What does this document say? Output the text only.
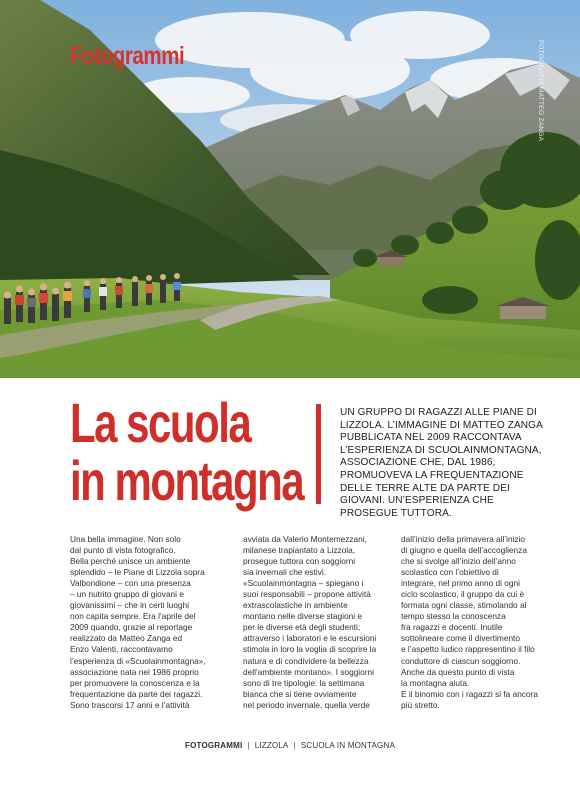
Fotogrammi	FOTOGRAFIA MATTEO ZANGA
La scuola
in montagna

UN GRUPPO DI RAGAZZI ALLE PIANE DI LIZZOLA. L’IMMAGINE DI MATTEO ZANGA PUBBLICATA NEL 2009 RACCONTAVA L’ESPERIENZA DI SCUOLAINMONTAGNA, ASSOCIAZIONE CHE, DAL 1986, PROMUOVEVA LA FREQUENTAZIONE DELLE TERRE ALTE DA PARTE DEI GIOVANI. UN’ESPERIENZA CHE PROSEGUE TUTTORA.

Una bella immagine. Non solo
dal punto di vista fotografico.
Bella perché unisce un ambiente
splendido – le Piane di Lizzola sopra
Valbondione – con una presenza
– un nutrito gruppo di giovani e
giovanissimi – che in certi luoghi
non capita sempre. Era l’aprile del
2009 quando, grazie al reportage
realizzato da Matteo Zanga ed
Enzo Valenti, raccontavamo
l’esperienza di «Scuolainmontagna»,
associazione nata nel 1986 proprio
per promuovere la conoscenza e la
frequentazione da parte dei ragazzi.
Sono trascorsi 17 anni e l’attività

avviata da Valerio Montemezzani,
milanese trapiantato a Lizzola,
prosegue tuttora con soggiorni
sia invernali che estivi.
«Scuolainmontagna – spiegano i
suoi responsabili – propone attività
extrascolastiche in ambiente
montano nelle diverse stagioni e
per le diverse età degli studenti;
attraverso i laboratori e le escursioni
stimola in loro la voglia di scoprire la
natura e di condividere la bellezza
dell’ambiente montano». I soggiorni
sono di tre tipologie: la settimana
bianca che si tiene ovviamente
nel periodo invernale, quella verde

dall’inizio della primavera all’inizio
di giugno e quella dell’accoglienza
che si svolge all’inizio dell’anno
scolastico con l’obiettivo di
integrare, nel primo anno di ogni
ciclo scolastico, il gruppo da cui è
formata ogni classe, stimolando al
tempo stesso la conoscenza
fra ragazzi e docenti. Inutile
sottolineare come il divertimento
e l’aspetto ludico rappresentino il filo
conduttore di ciascun soggiorno.
Anche da questo punto di vista
la montagna aiuta.
E il binomio con i ragazzi si fa ancora
più stretto.

FOTOGRAMMI | LIZZOLA | SCUOLA IN MONTAGNA
